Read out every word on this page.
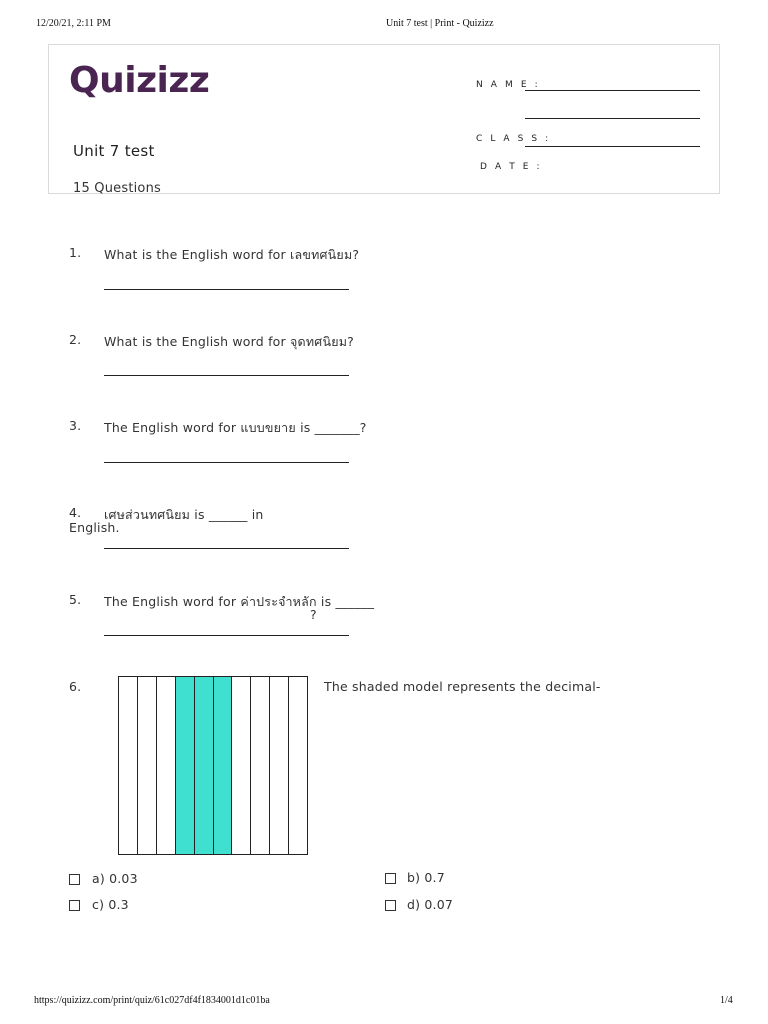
12/20/21, 2:11 PM	Unit 7 test | Print - Quizizz
Quizizz
Unit 7 test
15 Questions
N A M E :
C L A S S :
D A T E :
1. What is the English word for เลขทศนิยม?
2. What is the English word for จุดทศนิยม?
3. The English word for แบบขยาย is _______?
4. เศษส่วนทศนิยม is ______ in
English.
5. The English word for ค่าประจำหลัก is ______
?
6.	The shaded model represents the decimal-
a) 0.03	b) 0.7
c) 0.3	d) 0.07
https://quizizz.com/print/quiz/61c027df4f1834001d1c01ba	1/4
